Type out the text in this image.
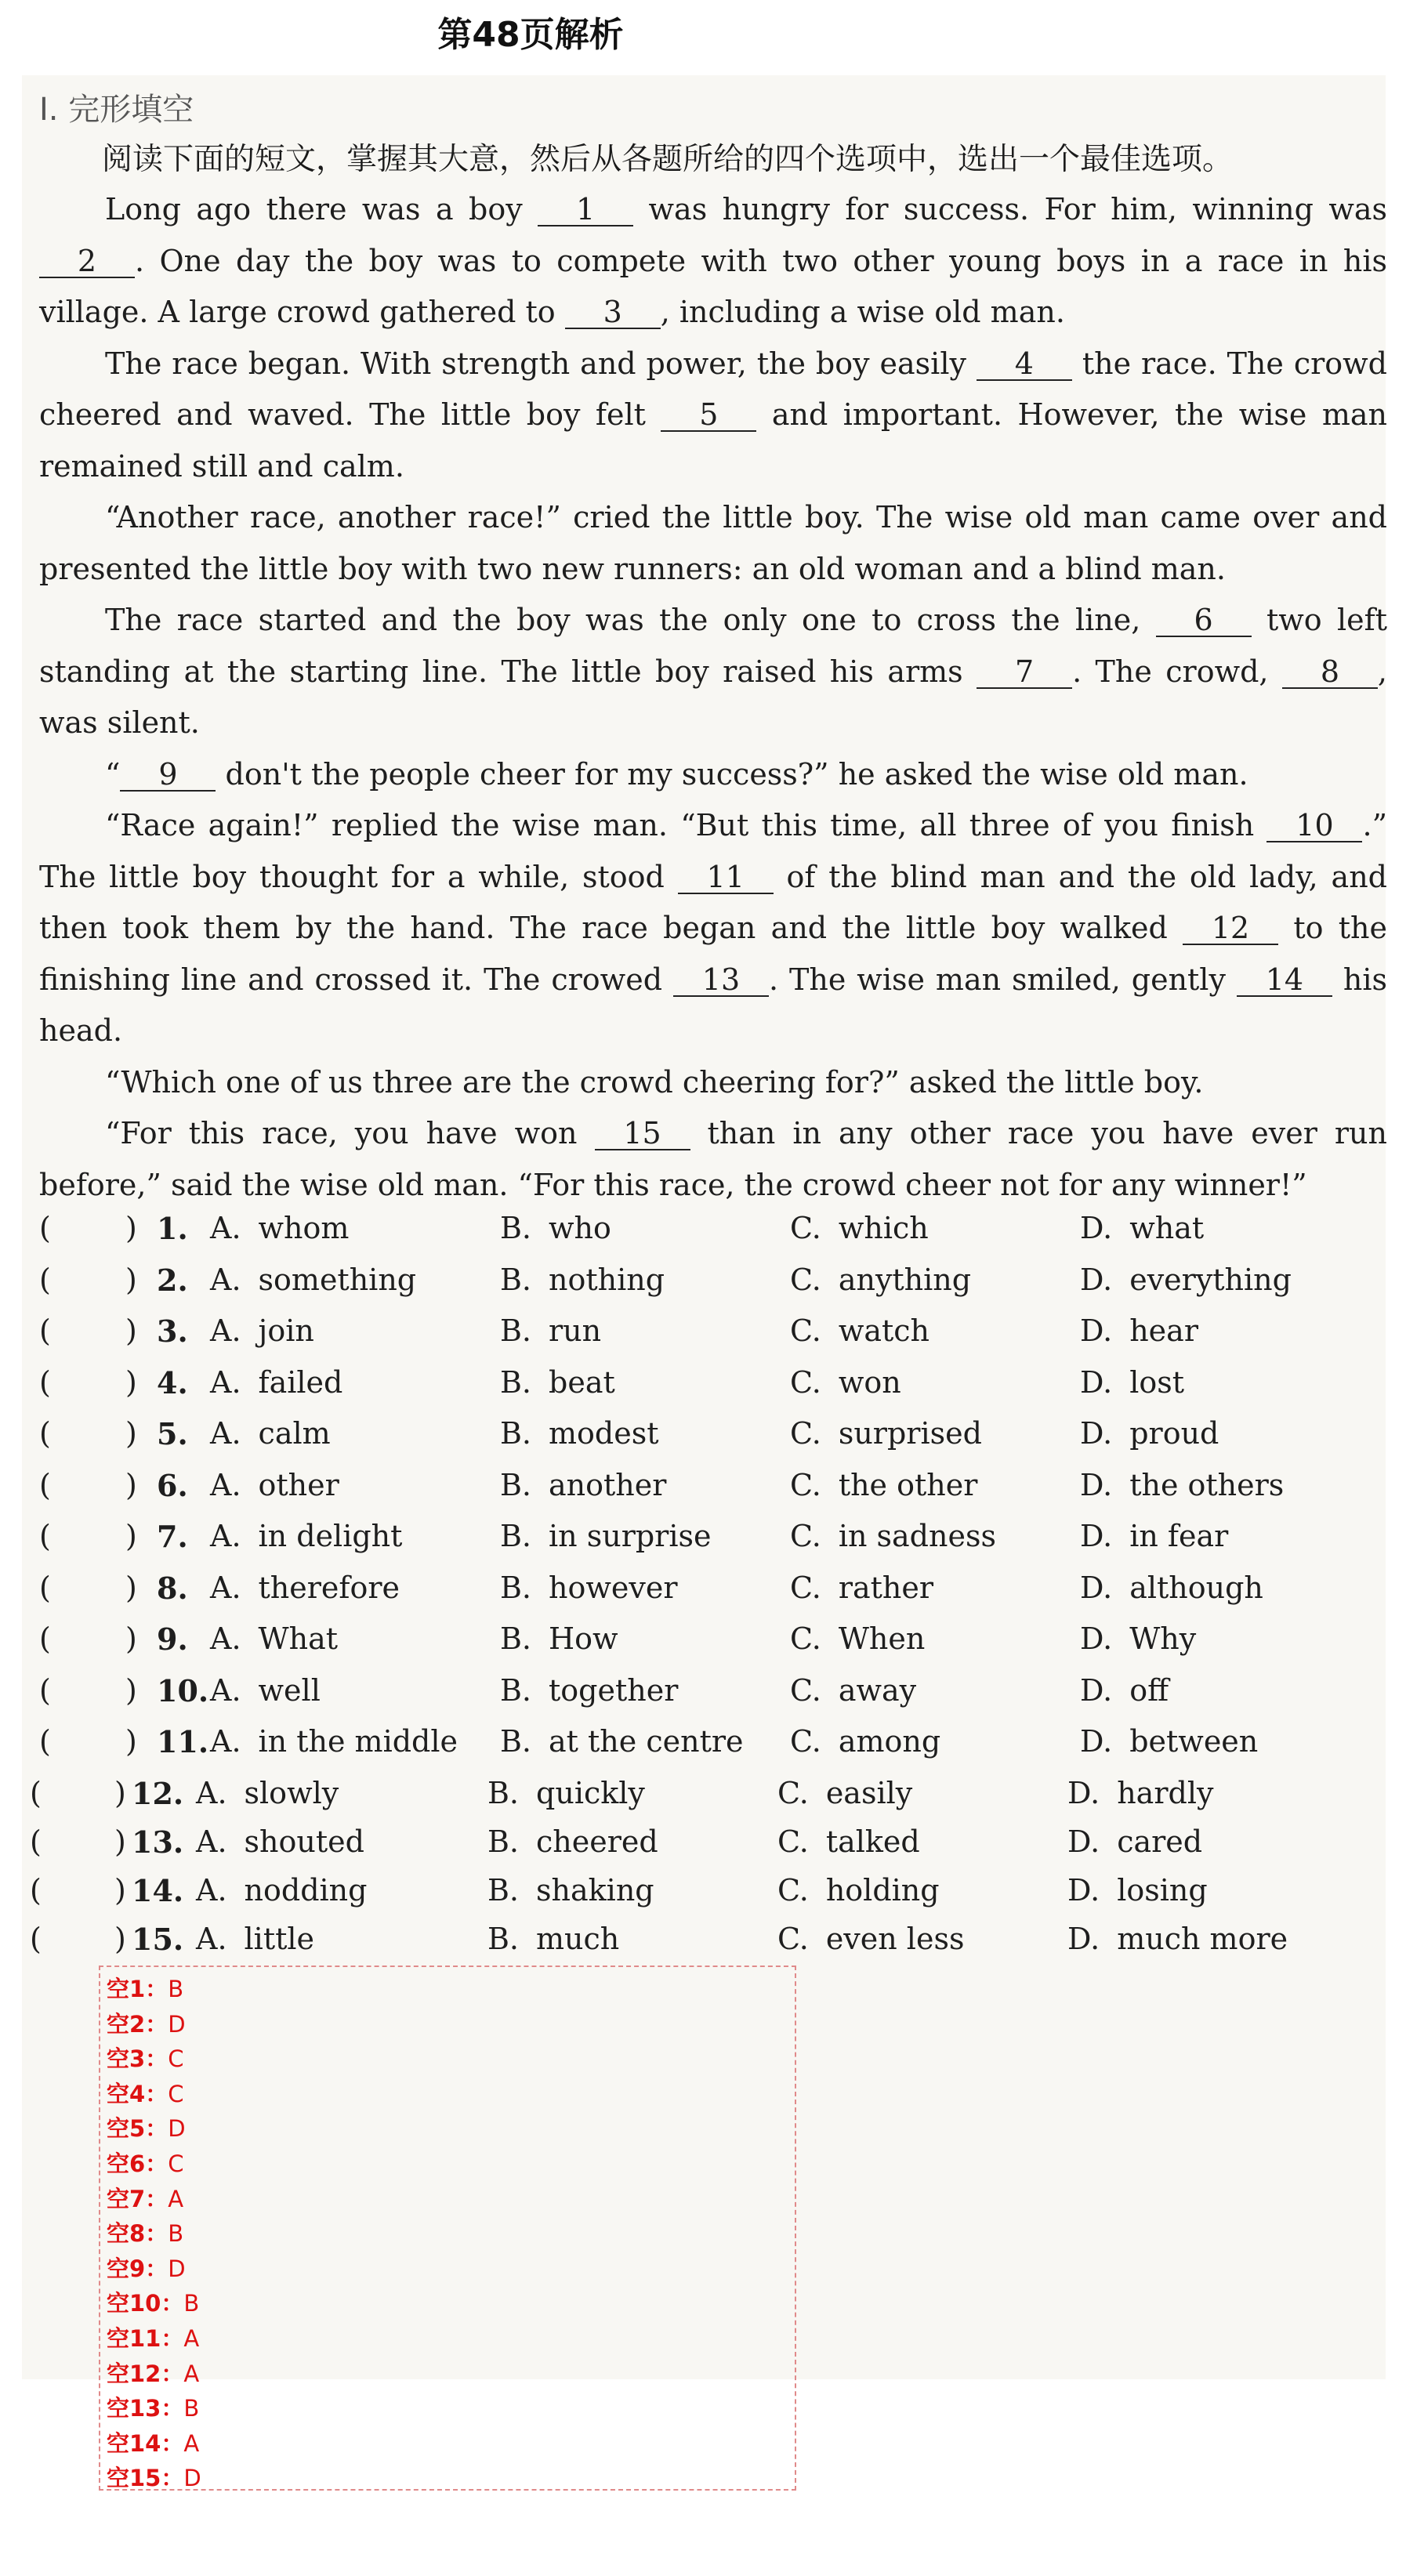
第48页解析
Ⅰ. 完形填空
阅读下面的短文，掌握其大意，然后从各题所给的四个选项中，选出一个最佳选项。

Long ago there was a boy 1 was hungry for success. For him, winning was 2 . One day the boy was to compete with two other young boys in a race in his village. A large crowd gathered to 3 , including a wise old man.

The race began. With strength and power, the boy easily 4 the race. The crowd cheered and waved. The little boy felt 5 and important. However, the wise man remained still and calm.

“Another race, another race!” cried the little boy. The wise old man came over and presented the little boy with two new runners: an old woman and a blind man.

The race started and the boy was the only one to cross the line, 6 two left standing at the starting line. The little boy raised his arms 7 . The crowd, 8 , was silent.

“ 9 don't the people cheer for my success?” he asked the wise old man.

“Race again!” replied the wise man. “But this time, all three of you finish 10 .” The little boy thought for a while, stood 11 of the blind man and the old lady, and then took them by the hand. The race began and the little boy walked 12 to the finishing line and crossed it. The crowed 13 . The wise man smiled, gently 14 his head.

“Which one of us three are the crowd cheering for?” asked the little boy.

“For this race, you have won 15 than in any other race you have ever run before,” said the wise old man. “For this race, the crowd cheer not for any winner!”

(	) 1. A. whom	B. who	C. which	D. what
(	) 2. A. something	B. nothing	C. anything	D. everything
(	) 3. A. join	B. run	C. watch	D. hear
(	) 4. A. failed	B. beat	C. won	D. lost
(	) 5. A. calm	B. modest	C. surprised	D. proud
(	) 6. A. other	B. another	C. the other	D. the others
(	) 7. A. in delight	B. in surprise	C. in sadness	D. in fear
(	) 8. A. therefore	B. however	C. rather	D. although
(	) 9. A. What	B. How	C. When	D. Why
(	) 10. A. well	B. together	C. away	D. off
(	) 11. A. in the middle B. at the centre C. among	D. between
( ) 12. A. slowly	B. quickly	C. easily	D. hardly
( ) 13. A. shouted	B. cheered	C. talked	D. cared
( ) 14. A. nodding	B. shaking	C. holding	D. losing
( ) 15. A. little	B. much	C. even less	D. much more
空1：B
空2：D
空3：C
空4：C
空5：D
空6：C
空7：A
空8：B
空9：D
空10：B
空11：A
空12：A
空13：B
空14：A
空15：D
